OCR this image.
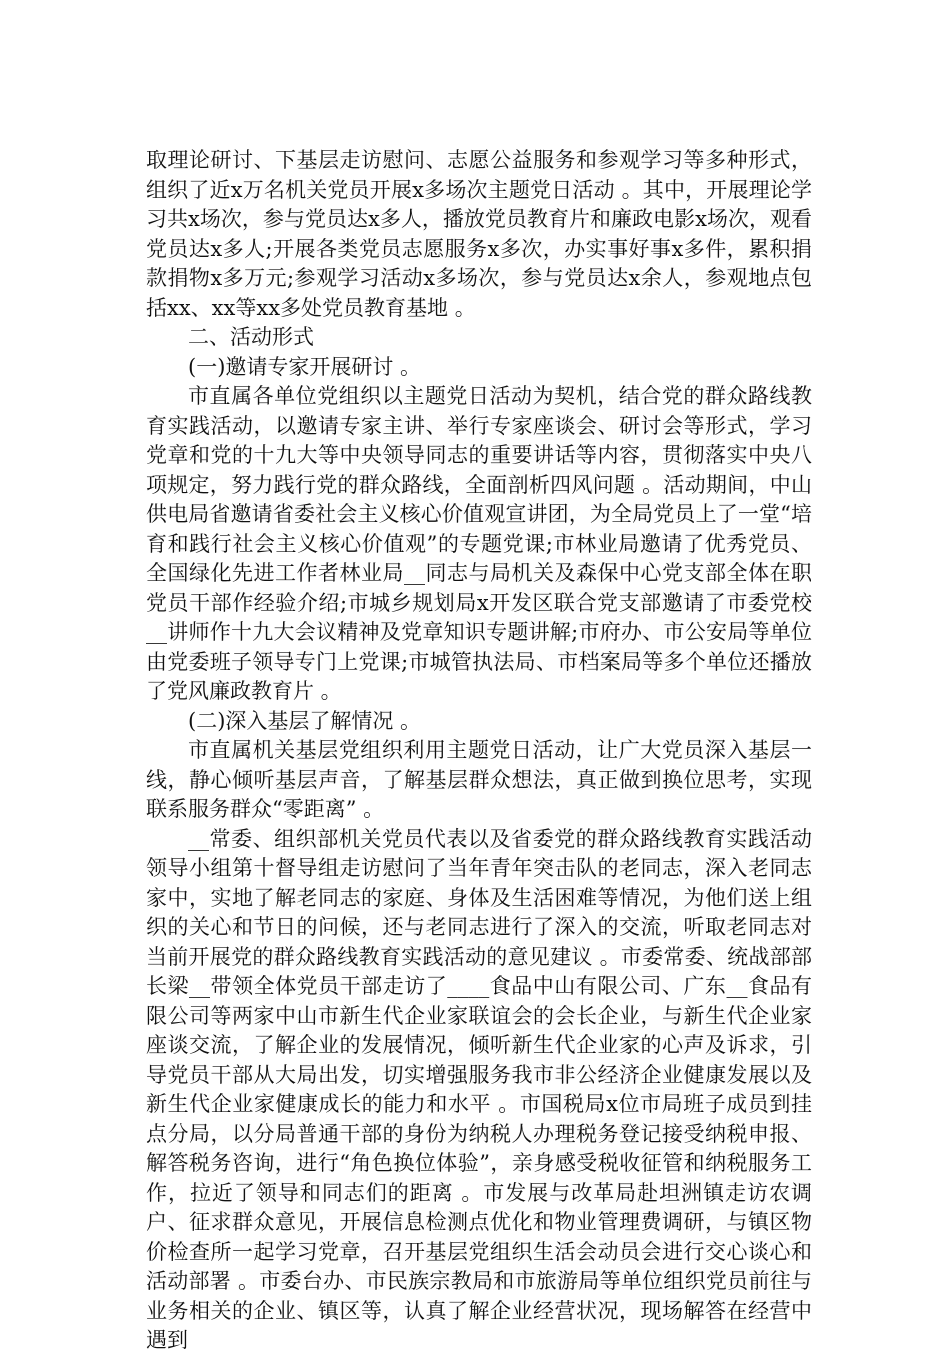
取理论研讨、下基层走访慰问、志愿公益服务和参观学习等多种形式，组织了近x万名机关党员开展x多场次主题党日活动 。其中，开展理论学习共x场次，参与党员达x多人，播放党员教育片和廉政电影x场次，观看党员达x多人;开展各类党员志愿服务x多次，办实事好事x多件，累积捐款捐物x多万元;参观学习活动x多场次，参与党员达x余人，参观地点包括xx、xx等xx多处党员教育基地 。

二、活动形式

(一)邀请专家开展研讨 。

市直属各单位党组织以主题党日活动为契机，结合党的群众路线教育实践活动，以邀请专家主讲、举行专家座谈会、研讨会等形式，学习党章和党的十九大等中央领导同志的重要讲话等内容，贯彻落实中央八项规定，努力践行党的群众路线，全面剖析四风问题 。活动期间，中山供电局省邀请省委社会主义核心价值观宣讲团，为全局党员上了一堂“培育和践行社会主义核心价值观”的专题党课;市林业局邀请了优秀党员、全国绿化先进工作者林业局__同志与局机关及森保中心党支部全体在职党员干部作经验介绍;市城乡规划局x开发区联合党支部邀请了市委党校__讲师作十九大会议精神及党章知识专题讲解;市府办、市公安局等单位由党委班子领导专门上党课;市城管执法局、市档案局等多个单位还播放了党风廉政教育片 。

(二)深入基层了解情况 。

市直属机关基层党组织利用主题党日活动，让广大党员深入基层一线，静心倾听基层声音，了解基层群众想法，真正做到换位思考，实现联系服务群众“零距离” 。

__常委、组织部机关党员代表以及省委党的群众路线教育实践活动领导小组第十督导组走访慰问了当年青年突击队的老同志，深入老同志家中，实地了解老同志的家庭、身体及生活困难等情况，为他们送上组织的关心和节日的问候，还与老同志进行了深入的交流，听取老同志对当前开展党的群众路线教育实践活动的意见建议 。市委常委、统战部部长梁__带领全体党员干部走访了____食品中山有限公司、广东__食品有限公司等两家中山市新生代企业家联谊会的会长企业，与新生代企业家座谈交流，了解企业的发展情况，倾听新生代企业家的心声及诉求，引导党员干部从大局出发，切实增强服务我市非公经济企业健康发展以及新生代企业家健康成长的能力和水平 。市国税局x位市局班子成员到挂点分局，以分局普通干部的身份为纳税人办理税务登记接受纳税申报、解答税务咨询，进行“角色换位体验”，亲身感受税收征管和纳税服务工作，拉近了领导和同志们的距离 。市发展与改革局赴坦洲镇走访农调户、征求群众意见，开展信息检测点优化和物业管理费调研，与镇区物价检查所一起学习党章，召开基层党组织生活会动员会进行交心谈心和活动部署 。市委台办、市民族宗教局和市旅游局等单位组织党员前往与业务相关的企业、镇区等，认真了解企业经营状况，现场解答在经营中遇到
